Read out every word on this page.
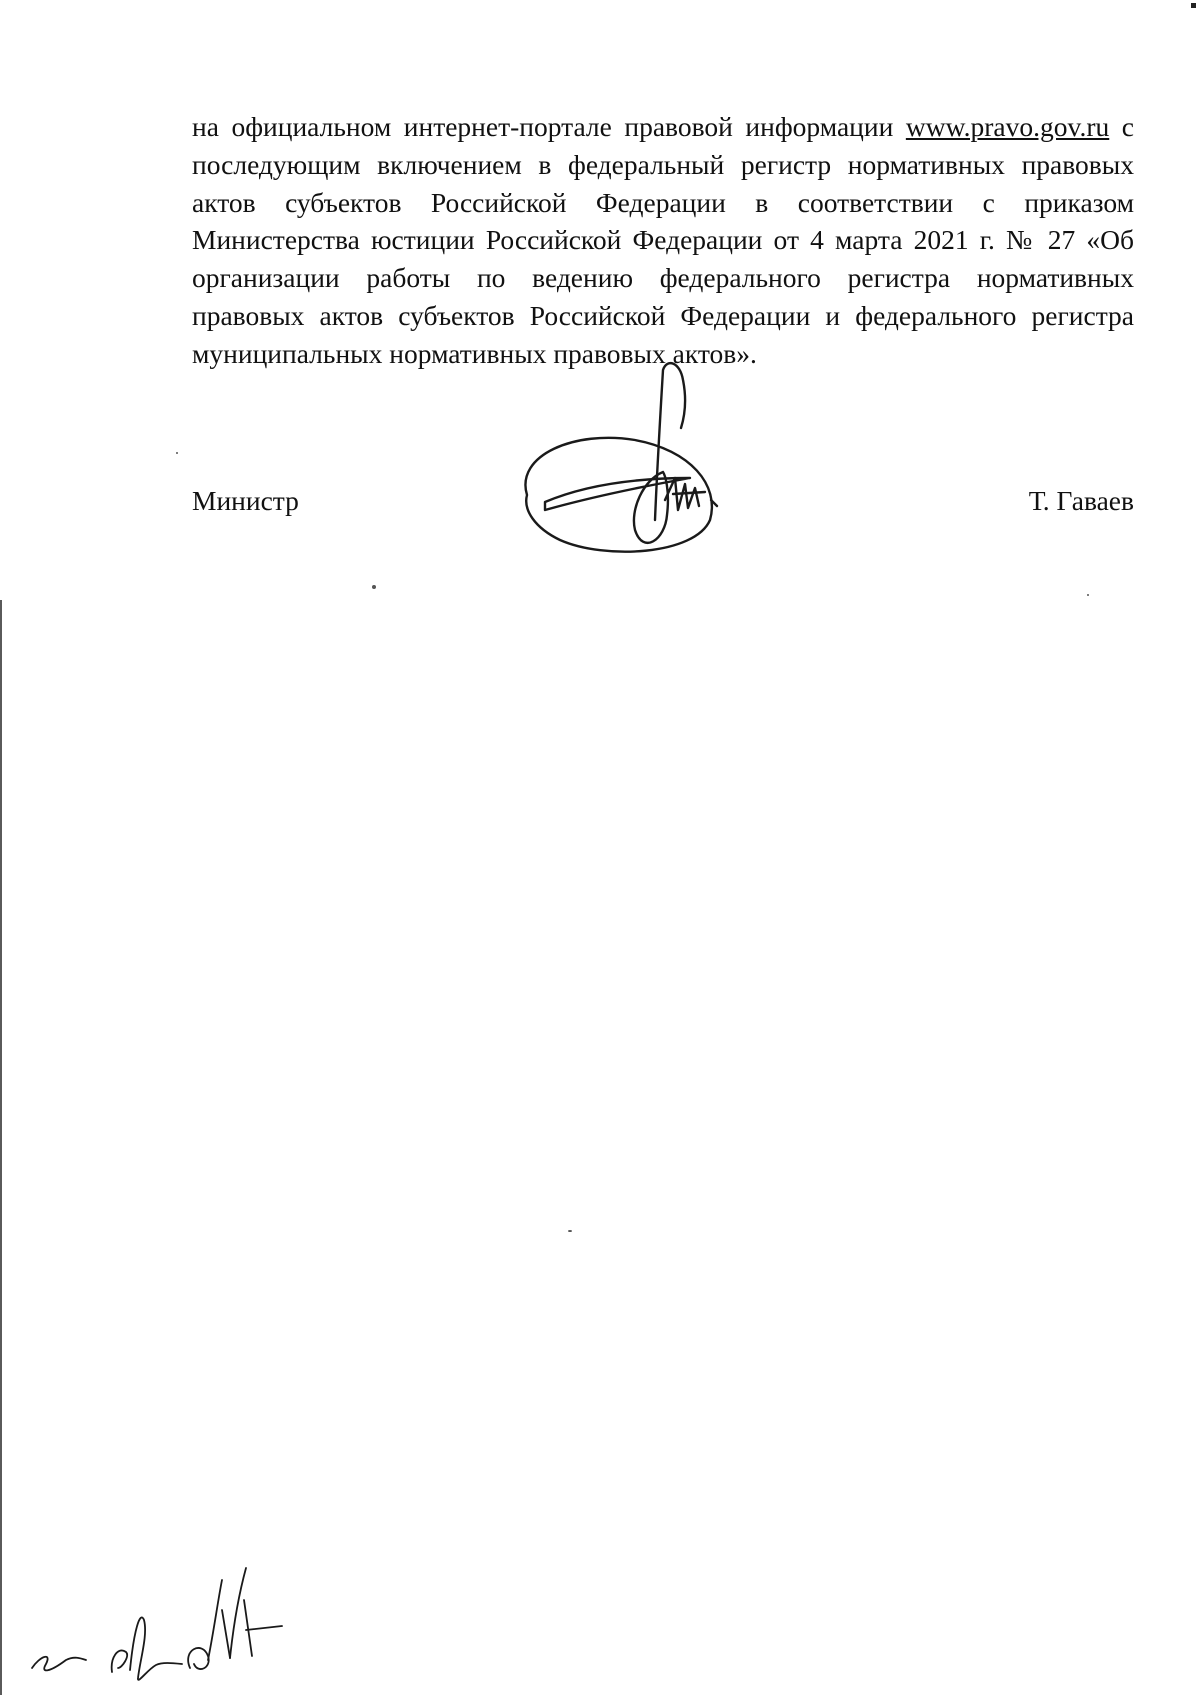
на официальном интернет-портале правовой информации www.pravo.gov.ru с последующим включением в федеральный регистр нормативных правовых актов субъектов Российской Федерации в соответствии с приказом Министерства юстиции Российской Федерации от 4 марта 2021 г. № 27 «Об организации работы по ведению федерального регистра нормативных правовых актов субъектов Российской Федерации и федерального регистра муниципальных нормативных правовых актов».

Министр	Т. Гаваев
